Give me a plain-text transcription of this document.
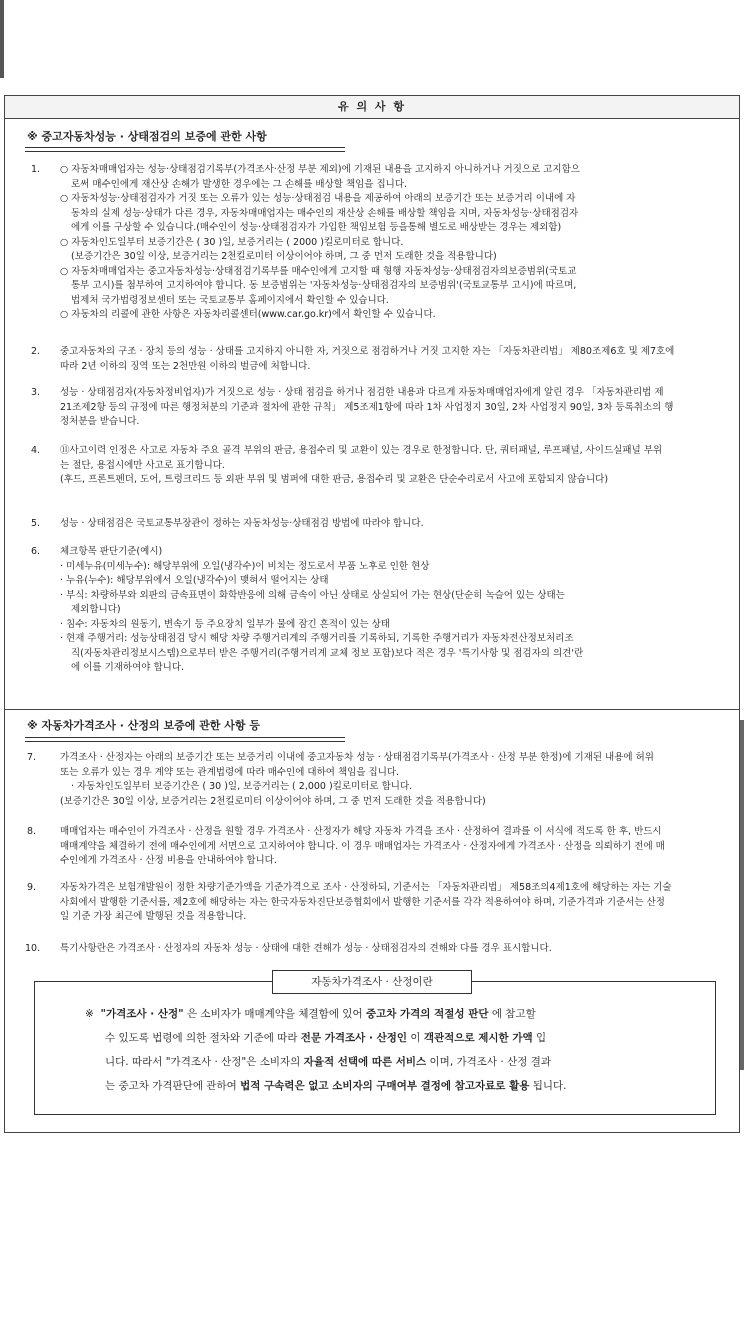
유 의 사 항
※ 중고자동차성능 · 상태점검의 보증에 관한 사항
1. ○ 자동차매매업자는 성능·상태점검기록부(가격조사·산정 부분 제외)에 기재된 내용을 고지하지 아니하거나 거짓으로 고지함으

로써 매수인에게 재산상 손해가 발생한 경우에는 그 손해를 배상할 책임을 집니다.

○ 자동차성능·상태점검자가 거짓 또는 오류가 있는 성능·상태점검 내용을 제공하여 아래의 보증기간 또는 보증거리 이내에 자

동차의 실제 성능·상태가 다른 경우, 자동차매매업자는 매수인의 재산상 손해를 배상할 책임을 지며, 자동차성능·상태점검자

에게 이를 구상할 수 있습니다.(매수인이 성능·상태점검자가 가입한 책임보험 등을통해 별도로 배상받는 경우는 제외함)

○ 자동차인도일부터 보증기간은 ( 30 )일, 보증거리는 ( 2000 )킬로미터로 합니다.

(보증기간은 30일 이상, 보증거리는 2천킬로미터 이상이어야 하며, 그 중 먼저 도래한 것을 적용합니다)

○ 자동차매매업자는 중고자동차성능·상태점검기록부를 매수인에게 고지할 때 형행 자동차성능·상태점검자의보증범위(국토교

통부 고시)를 첨부하여 고지하여야 합니다. 동 보증범위는 '자동차성능·상태점검자의 보증범위'(국토교통부 고시)에 따르며,

법제처 국가법령정보센터 또는 국토교통부 홈페이지에서 확인할 수 있습니다.

○ 자동차의 리콜에 관한 사항은 자동차리콜센터(www.car.go.kr)에서 확인할 수 있습니다.

2. 중고자동차의 구조 · 장치 등의 성능 · 상태를 고지하지 아니한 자, 거짓으로 점검하거나 거짓 고지한 자는 「자동차관리법」 제80조제6호 및 제7호에

따라 2년 이하의 징역 또는 2천만원 이하의 벌금에 처합니다.

3. 성능 · 상태점검자(자동차정비업자)가 거짓으로 성능 · 상태 점검을 하거나 점검한 내용과 다르게 자동차매매업자에게 알린 경우 「자동차관리법 제

21조제2항 등의 규정에 따른 행정처분의 기준과 절차에 관한 규칙」 제5조제1항에 따라 1차 사업정지 30일, 2차 사업정지 90일, 3차 등록취소의 행

정처분을 받습니다.

4. ⑪사고이력 인정은 사고로 자동차 주요 골격 부위의 판금, 용접수리 및 교환이 있는 경우로 한정합니다. 단, 쿼터패널, 루프패널, 사이드실패널 부위

는 절단, 용접시에만 사고로 표기합니다.

(후드, 프론트펜더, 도어, 트렁크리드 등 외판 부위 및 범퍼에 대한 판금, 용접수리 및 교환은 단순수리로서 사고에 포함되지 않습니다)

5. 성능 · 상태점검은 국토교통부장관이 정하는 자동차성능·상태점검 방법에 따라야 합니다.

6. 체크항목 판단기준(예시)

· 미세누유(미세누수): 해당부위에 오일(냉각수)이 비치는 정도로서 부품 노후로 인한 현상

· 누유(누수): 해당부위에서 오일(냉각수)이 맺혀서 떨어지는 상태

· 부식: 차량하부와 외판의 금속표면이 화학반응에 의해 금속이 아닌 상태로 상실되어 가는 현상(단순히 녹슬어 있는 상태는

제외합니다)

· 침수: 자동차의 원동기, 변속기 등 주요장치 일부가 물에 잠긴 흔적이 있는 상태

· 현재 주행거리: 성능상태점검 당시 해당 차량 주행거리계의 주행거리를 기록하되, 기록한 주행거리가 자동차전산정보처리조

직(자동차관리정보시스템)으로부터 받은 주행거리(주행거리계 교체 정보 포함)보다 적은 경우 '특기사항 및 점검자의 의견'란

에 이를 기재하여야 합니다.

※ 자동차가격조사 · 산정의 보증에 관한 사항 등
7.	가격조사 · 산정자는 아래의 보증기간 또는 보증거리 이내에 중고자동차 성능 · 상태점검기록부(가격조사 · 산정 부분 한정)에 기재된 내용에 허위

또는 오류가 있는 경우 계약 또는 관계법령에 따라 매수인에 대하여 책임을 집니다.

· 자동차인도일부터 보증기간은 ( 30 )일, 보증거리는 ( 2,000 )킬로미터로 합니다.

(보증기간은 30일 이상, 보증거리는 2천킬로미터 이상이어야 하며, 그 중 먼저 도래한 것을 적용합니다)

8.	매매업자는 매수인이 가격조사 · 산정을 원할 경우 가격조사 · 산정자가 해당 자동차 가격을 조사 · 산정하여 결과를 이 서식에 적도록 한 후, 반드시

매매계약을 체결하기 전에 매수인에게 서면으로 고지하여야 합니다. 이 경우 매매업자는 가격조사 · 산정자에게 가격조사 · 산정을 의뢰하기 전에 매

수인에게 가격조사 · 산정 비용을 안내하여야 합니다.

9.	자동차가격은 보험개발원이 정한 차량기준가액을 기준가격으로 조사 · 산정하되, 기준서는 「자동차관리법」 제58조의4제1호에 해당하는 자는 기술

사회에서 발행한 기준서를, 제2호에 해당하는 자는 한국자동차진단보증협회에서 발행한 기준서를 각각 적용하여야 하며, 기준가격과 기준서는 산정

일 기준 가장 최근에 발행된 것을 적용합니다.

10. 특기사항란은 가격조사 · 산정자의 자동차 성능 · 상태에 대한 견해가 성능 · 상태점검자의 견해와 다를 경우 표시합니다.

자동차가격조사 · 산정이란
※ "가격조사 · 산정" 은 소비자가 매매계약을 체결함에 있어 중고차 가격의 적절성 판단 에 참고할
수 있도록 법령에 의한 절차와 기준에 따라 전문 가격조사 · 산정인 이 객관적으로 제시한 가액 입
니다. 따라서 "가격조사 · 산정"은 소비자의 자율적 선택에 따른 서비스 이며, 가격조사 · 산정 결과
는 중고차 가격판단에 관하여 법적 구속력은 없고 소비자의 구매여부 결정에 참고자료로 활용 됩니다.
